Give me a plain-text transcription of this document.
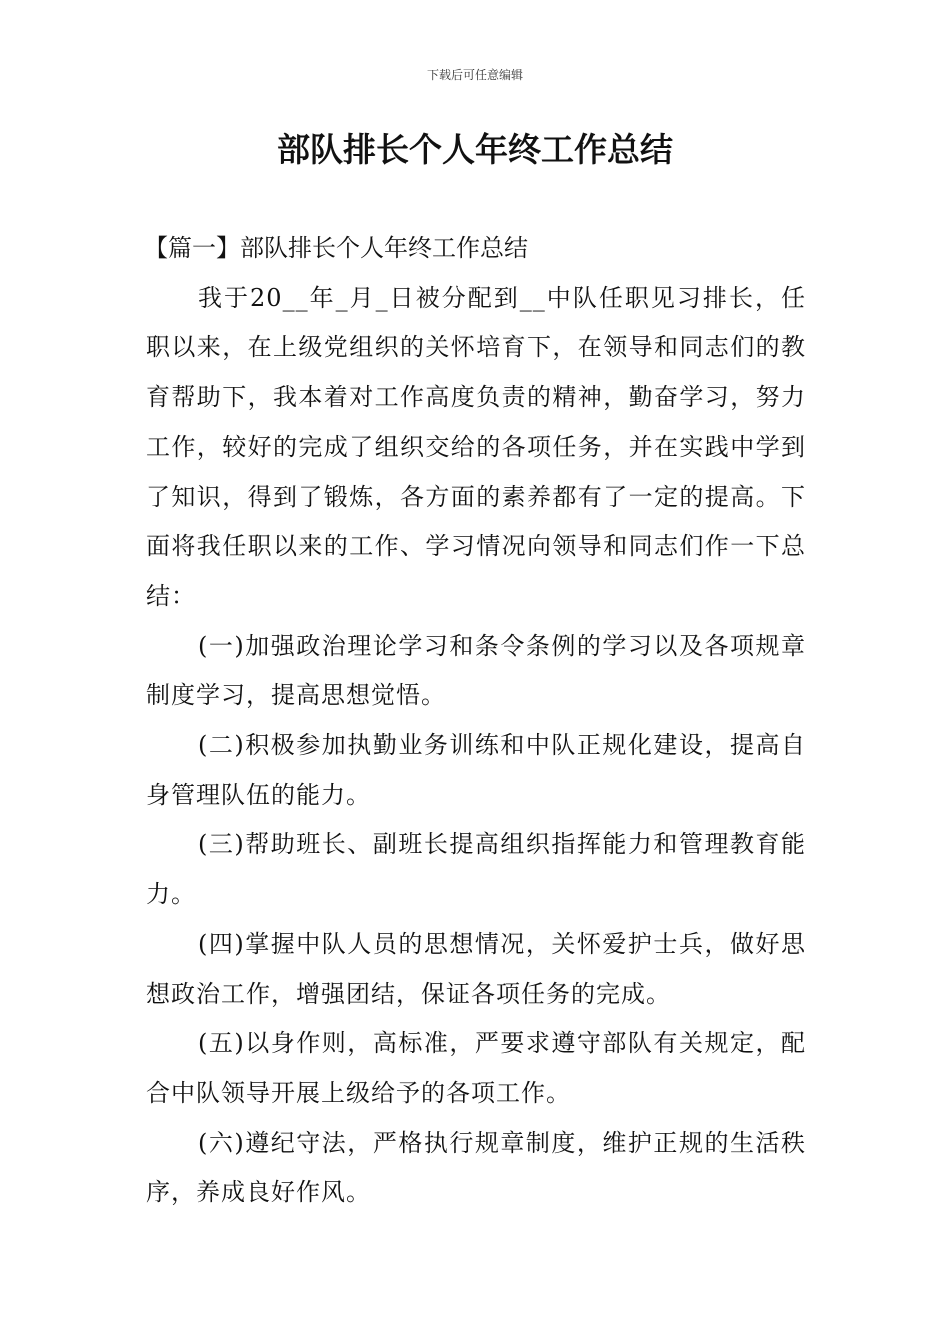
下载后可任意编辑
部队排长个人年终工作总结
【篇一】部队排长个人年终工作总结

我于20__年_月_日被分配到__中队任职见习排长，任职以来，在上级党组织的关怀培育下，在领导和同志们的教育帮助下，我本着对工作高度负责的精神，勤奋学习，努力工作，较好的完成了组织交给的各项任务，并在实践中学到了知识，得到了锻炼，各方面的素养都有了一定的提高。下面将我任职以来的工作、学习情况向领导和同志们作一下总结：

(一)加强政治理论学习和条令条例的学习以及各项规章制度学习，提高思想觉悟。

(二)积极参加执勤业务训练和中队正规化建设，提高自身管理队伍的能力。

(三)帮助班长、副班长提高组织指挥能力和管理教育能力。

(四)掌握中队人员的思想情况，关怀爱护士兵，做好思想政治工作，增强团结，保证各项任务的完成。

(五)以身作则，高标准，严要求遵守部队有关规定，配合中队领导开展上级给予的各项工作。

(六)遵纪守法，严格执行规章制度，维护正规的生活秩序，养成良好作风。
